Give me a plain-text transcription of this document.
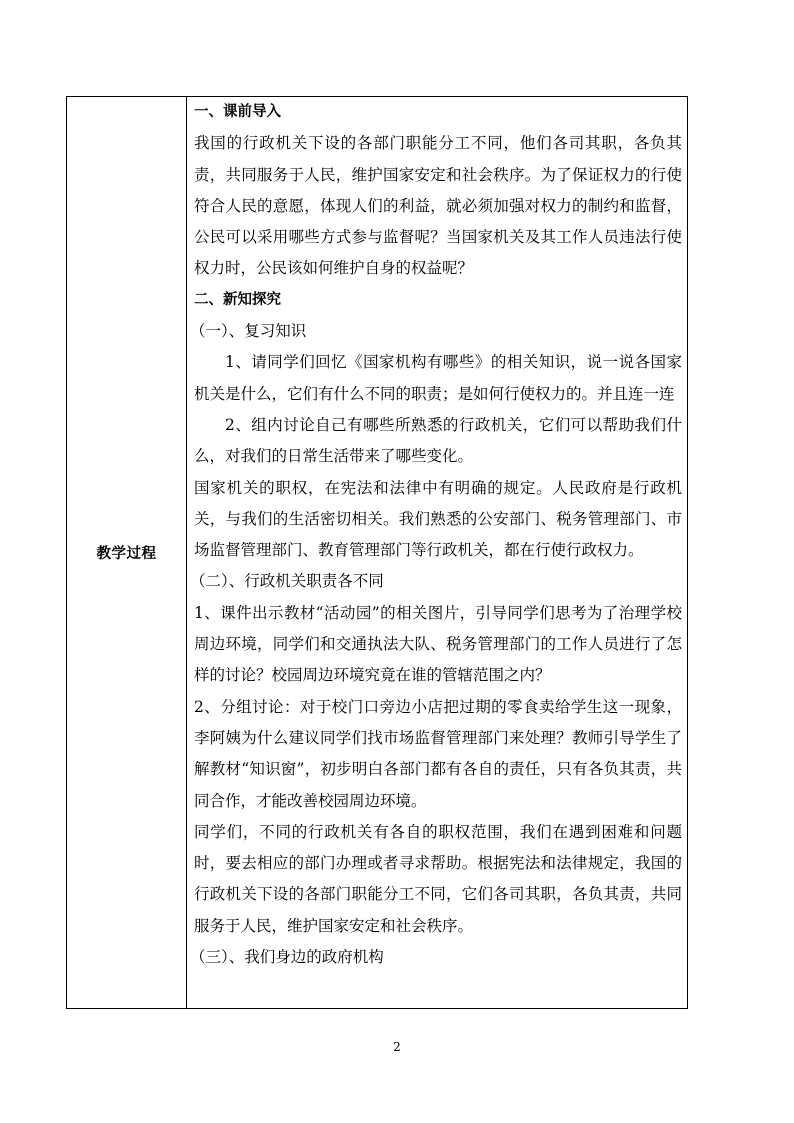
教学过程	

一、课前导入

我国的行政机关下设的各部门职能分工不同，他们各司其职，各负其责，共同服务于人民，维护国家安定和社会秩序。为了保证权力的行使符合人民的意愿，体现人们的利益，就必须加强对权力的制约和监督，公民可以采用哪些方式参与监督呢？当国家机关及其工作人员违法行使权力时，公民该如何维护自身的权益呢？

二、新知探究

（一）、复习知识

1、请同学们回忆《国家机构有哪些》的相关知识，说一说各国家机关是什么，它们有什么不同的职责；是如何行使权力的。并且连一连

2、组内讨论自己有哪些所熟悉的行政机关，它们可以帮助我们什么，对我们的日常生活带来了哪些变化。

国家机关的职权，在宪法和法律中有明确的规定。人民政府是行政机关，与我们的生活密切相关。我们熟悉的公安部门、税务管理部门、市场监督管理部门、教育管理部门等行政机关，都在行使行政权力。

（二）、行政机关职责各不同

1、课件出示教材“活动园”的相关图片，引导同学们思考为了治理学校周边环境，同学们和交通执法大队、税务管理部门的工作人员进行了怎样的讨论？校园周边环境究竟在谁的管辖范围之内？

2、分组讨论：对于校门口旁边小店把过期的零食卖给学生这一现象，李阿姨为什么建议同学们找市场监督管理部门来处理？教师引导学生了解教材“知识窗”，初步明白各部门都有各自的责任，只有各负其责，共同合作，才能改善校园周边环境。

同学们，不同的行政机关有各自的职权范围，我们在遇到困难和问题时，要去相应的部门办理或者寻求帮助。根据宪法和法律规定，我国的行政机关下设的各部门职能分工不同，它们各司其职，各负其责，共同服务于人民，维护国家安定和社会秩序。

（三）、我们身边的政府机构

2
